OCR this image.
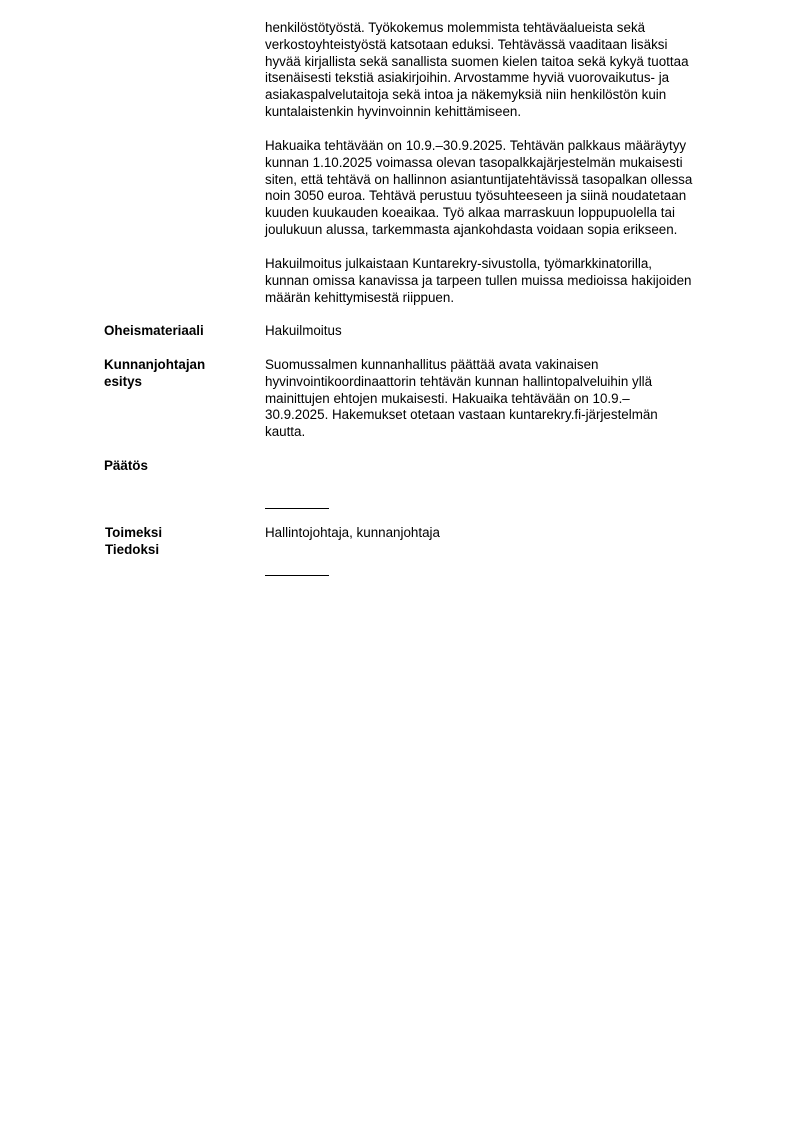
henkilöstötyöstä. Työkokemus molemmista tehtäväalueista sekä
verkostoyhteistyöstä katsotaan eduksi. Tehtävässä vaaditaan lisäksi
hyvää kirjallista sekä sanallista suomen kielen taitoa sekä kykyä tuottaa
itsenäisesti tekstiä asiakirjoihin. Arvostamme hyviä vuorovaikutus- ja
asiakaspalvelutaitoja sekä intoa ja näkemyksiä niin henkilöstön kuin
kuntalaistenkin hyvinvoinnin kehittämiseen.
Hakuaika tehtävään on 10.9.–30.9.2025. Tehtävän palkkaus määräytyy
kunnan 1.10.2025 voimassa olevan tasopalkkajärjestelmän mukaisesti
siten, että tehtävä on hallinnon asiantuntijatehtävissä tasopalkan ollessa
noin 3050 euroa. Tehtävä perustuu työsuhteeseen ja siinä noudatetaan
kuuden kuukauden koeaikaa. Työ alkaa marraskuun loppupuolella tai
joulukuun alussa, tarkemmasta ajankohdasta voidaan sopia erikseen.
Hakuilmoitus julkaistaan Kuntarekry-sivustolla, työmarkkinatorilla,
kunnan omissa kanavissa ja tarpeen tullen muissa medioissa hakijoiden
määrän kehittymisestä riippuen.
Oheismateriaali	Hakuilmoitus
Kunnanjohtajan
esitys
Suomussalmen kunnanhallitus päättää avata vakinaisen
hyvinvointikoordinaattorin tehtävän kunnan hallintopalveluihin yllä
mainittujen ehtojen mukaisesti. Hakuaika tehtävään on 10.9.–
30.9.2025. Hakemukset otetaan vastaan kuntarekry.fi-järjestelmän
kautta.
Päätös
Toimeksi
Tiedoksi
Hallintojohtaja, kunnanjohtaja
